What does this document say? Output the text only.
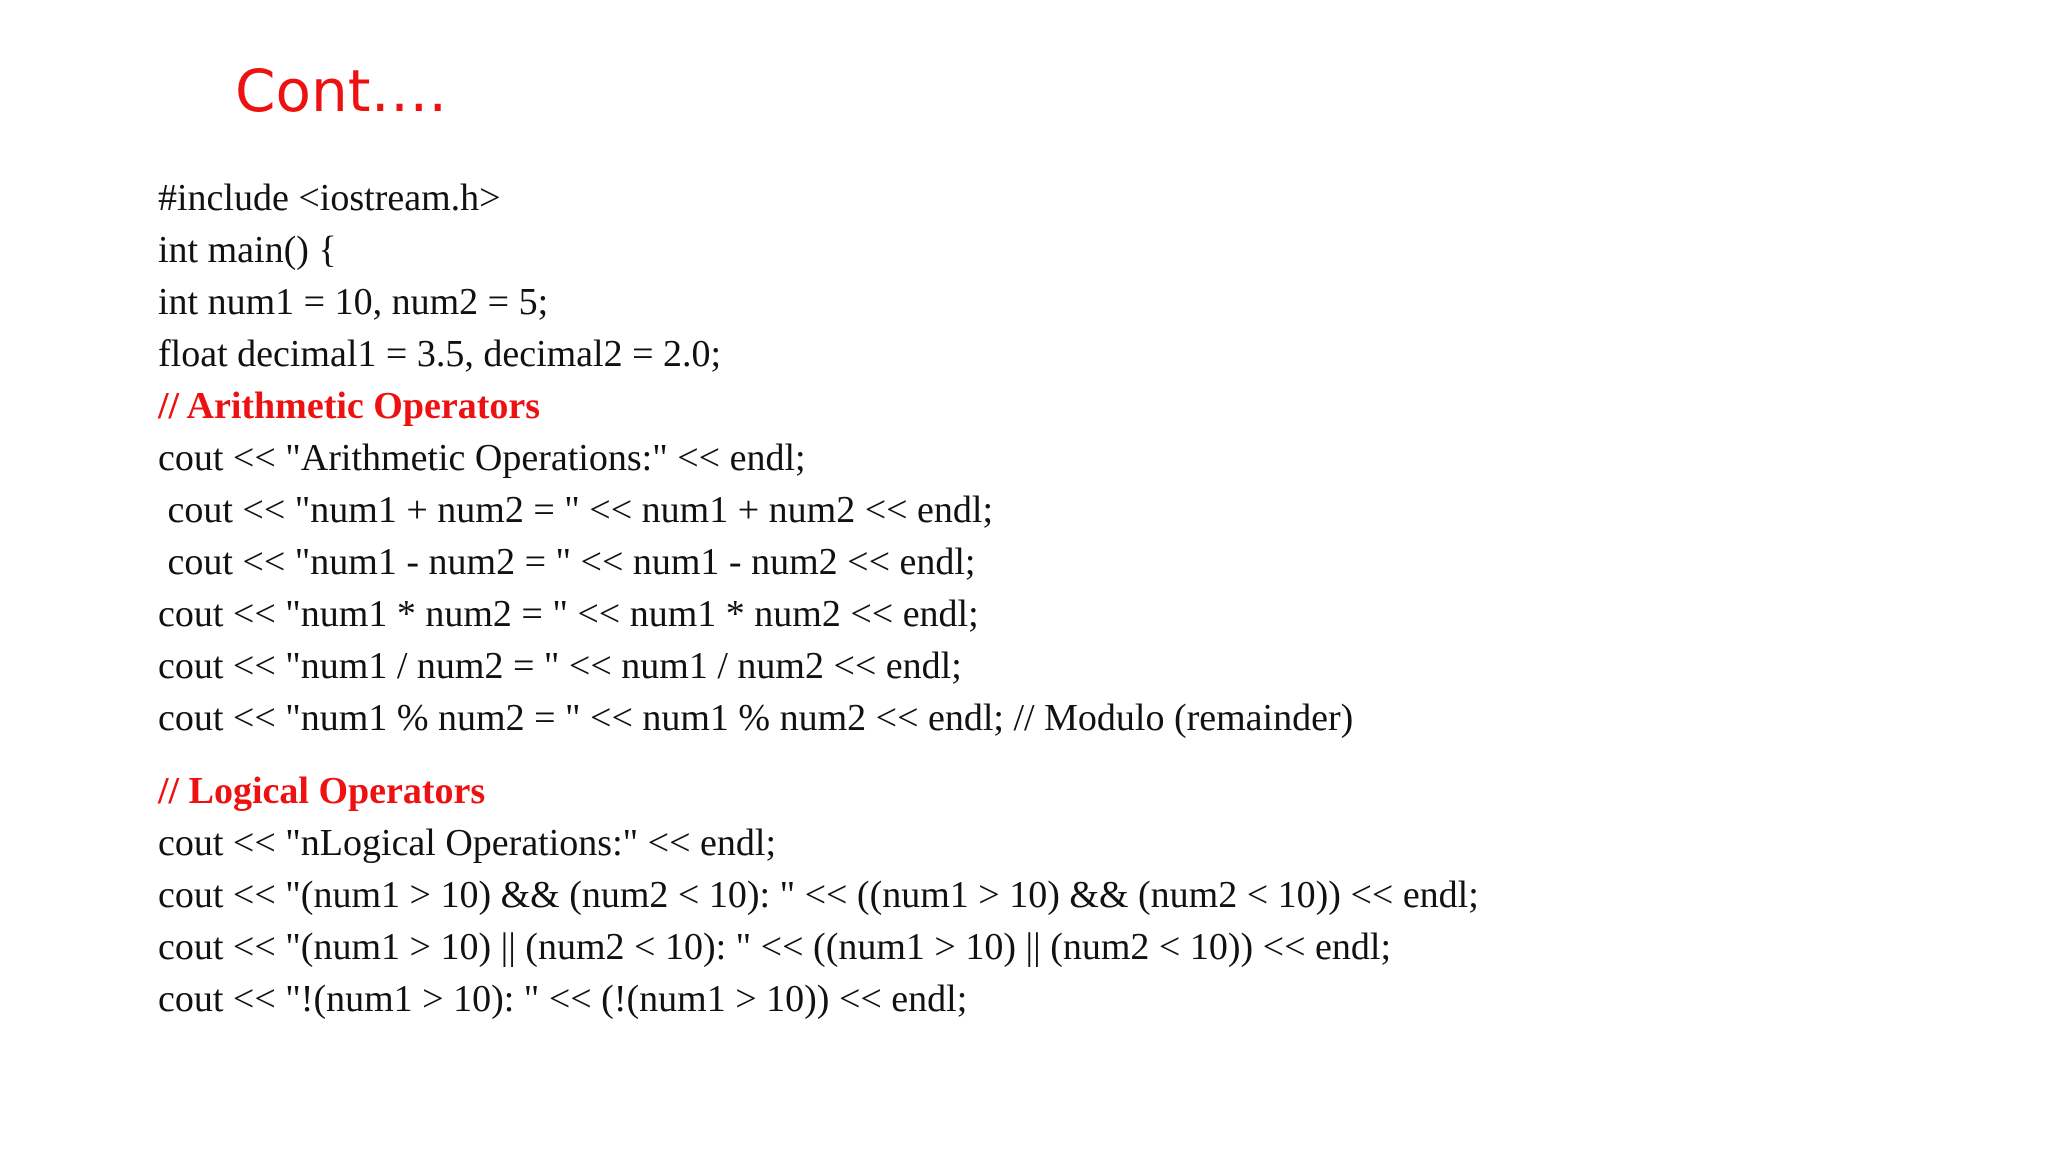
Cont….
#include <iostream.h>
int main() {
int num1 = 10, num2 = 5;
float decimal1 = 3.5, decimal2 = 2.0;
// Arithmetic Operators
cout << "Arithmetic Operations:" << endl;
cout << "num1 + num2 = " << num1 + num2 << endl;
cout << "num1 - num2 = " << num1 - num2 << endl;
cout << "num1 * num2 = " << num1 * num2 << endl;
cout << "num1 / num2 = " << num1 / num2 << endl;
cout << "num1 % num2 = " << num1 % num2 << endl; // Modulo (remainder)
// Logical Operators
cout << "nLogical Operations:" << endl;
cout << "(num1 > 10) && (num2 < 10): " << ((num1 > 10) && (num2 < 10)) << endl;
cout << "(num1 > 10) || (num2 < 10): " << ((num1 > 10) || (num2 < 10)) << endl;
cout << "!(num1 > 10): " << (!(num1 > 10)) << endl;
